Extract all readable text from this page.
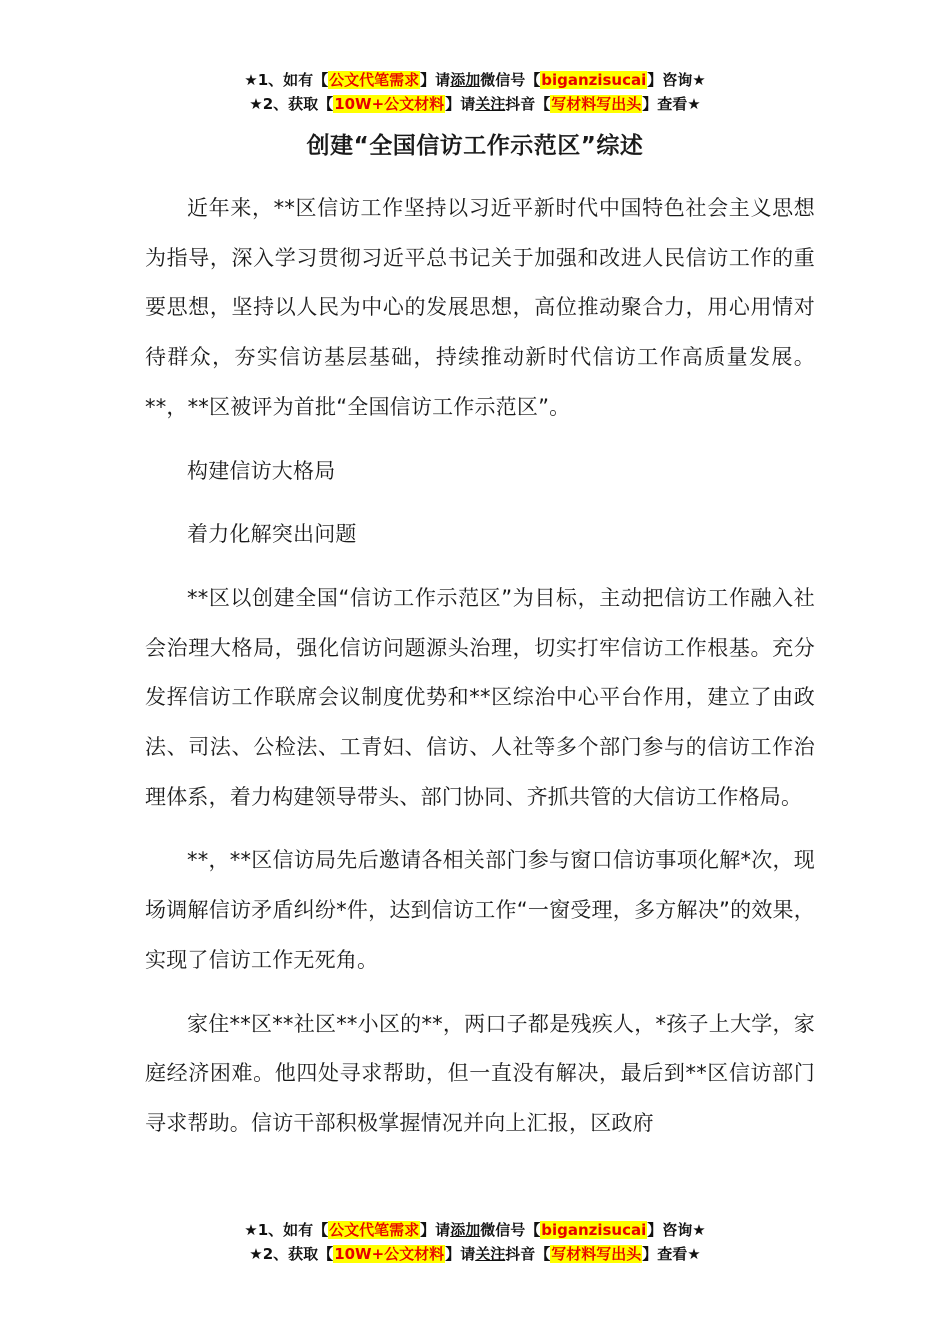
★1、如有【公文代笔需求】请添加微信号【biganzisucai】咨询★
★2、获取【10W+公文材料】请关注抖音【写材料写出头】查看★
创建“全国信访工作示范区”综述

近年来，**区信访工作坚持以习近平新时代中国特色社会主义思想为指导，深入学习贯彻习近平总书记关于加强和改进人民信访工作的重要思想，坚持以人民为中心的发展思想，高位推动聚合力，用心用情对待群众，夯实信访基层基础，持续推动新时代信访工作高质量发展。**，**区被评为首批“全国信访工作示范区”。

构建信访大格局

着力化解突出问题

**区以创建全国“信访工作示范区”为目标，主动把信访工作融入社会治理大格局，强化信访问题源头治理，切实打牢信访工作根基。充分发挥信访工作联席会议制度优势和**区综治中心平台作用，建立了由政法、司法、公检法、工青妇、信访、人社等多个部门参与的信访工作治理体系，着力构建领导带头、部门协同、齐抓共管的大信访工作格局。

**，**区信访局先后邀请各相关部门参与窗口信访事项化解*次，现场调解信访矛盾纠纷*件，达到信访工作“一窗受理，多方解决”的效果，实现了信访工作无死角。

家住**区**社区**小区的**，两口子都是残疾人，*孩子上大学，家庭经济困难。他四处寻求帮助，但一直没有解决，最后到**区信访部门寻求帮助。信访干部积极掌握情况并向上汇报，区政府

★1、如有【公文代笔需求】请添加微信号【biganzisucai】咨询★
★2、获取【10W+公文材料】请关注抖音【写材料写出头】查看★
